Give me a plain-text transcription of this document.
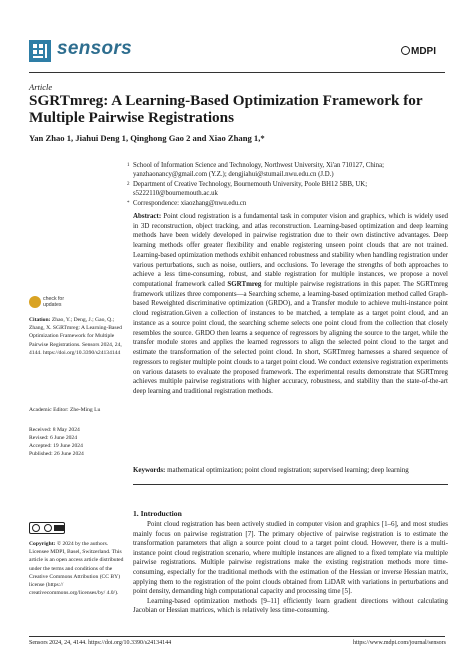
sensors	MDPI
Article
SGRTmreg: A Learning-Based Optimization Framework for Multiple Pairwise Registrations
Yan Zhao 1, Jiahui Deng 1, Qinghong Gao 2 and Xiao Zhang 1,*
1 School of Information Science and Technology, Northwest University, Xi'an 710127, China;
yanzhaonancy@gmail.com (Y.Z.); dengjiahui@stumail.nwu.edu.cn (J.D.)
2 Department of Creative Technology, Bournemouth University, Poole BH12 5BB, UK;
s5222110@bournemouth.ac.uk
* Correspondence: xiaozhang@nwu.edu.cn
Abstract: Point cloud registration is a fundamental task in computer vision and graphics, which is widely used in 3D reconstruction, object tracking, and atlas reconstruction. Learning-based optimization and deep learning methods have been widely developed in pairwise registration due to their own distinctive advantages. Deep learning methods offer greater flexibility and enable registering unseen point clouds that are not trained. Learning-based optimization methods exhibit enhanced robustness and stability when handling registration under various perturbations, such as noise, outliers, and occlusions. To leverage the strengths of both approaches to achieve a less time-consuming, robust, and stable registration for multiple instances, we propose a novel computational framework called SGRTmreg for multiple pairwise registrations in this paper. The SGRTmreg framework utilizes three components—a Searching scheme, a learning-based optimization method called Graph-based Reweighted discriminative optimization (GRDO), and a Transfer module to achieve multi-instance point cloud registration.Given a collection of instances to be matched, a template as a target point cloud, and an instance as a source point cloud, the searching scheme selects one point cloud from the collection that closely resembles the source. GRDO then learns a sequence of regressors by aligning the source to the target, while the transfer module stores and applies the learned regressors to align the selected point cloud to the target and estimate the transformation of the selected point cloud. In short, SGRTmreg harnesses a shared sequence of regressors to register multiple point clouds to a target point cloud. We conduct extensive registration experiments on various datasets to evaluate the proposed framework. The experimental results demonstrate that SGRTmreg achieves multiple pairwise registrations with higher accuracy, robustness, and stability than the state-of-the-art deep learning and traditional registration methods.
Keywords: mathematical optimization; point cloud registration; supervised learning; deep learning
check for
updates
Citation: Zhao, Y.; Deng, J.; Gao, Q.; Zhang, X. SGRTmreg: A Learning-Based Optimization Framework for Multiple Pairwise Registrations. Sensors 2024, 24, 4144. https://doi.org/10.3390/s24134144
Academic Editor: Zhe-Ming Lu
Received: 8 May 2024
Revised: 6 June 2024
Accepted: 19 June 2024
Published: 26 June 2024
Copyright: © 2024 by the authors. Licensee MDPI, Basel, Switzerland. This article is an open access article distributed under the terms and conditions of the Creative Commons Attribution (CC BY) license (https:// creativecommons.org/licenses/by/ 4.0/).
1. Introduction

Point cloud registration has been actively studied in computer vision and graphics [1–6], and most studies mainly focus on pairwise registration [7]. The primary objective of pairwise registration is to estimate the transformation parameters that align a source point cloud to a target point cloud. However, there is a multi-instance point cloud registration scenario, where multiple instances are aligned to a fixed template via multiple pairwise registrations. Multiple pairwise registrations make the existing registration methods more time-consuming, especially for the traditional methods with the estimation of the Hessian or inverse Hessian matrix, applying them to the registration of the point clouds obtained from LiDAR with variations in perturbations and point density, demanding high computational capacity and processing time [5].

Learning-based optimization methods [9–11] efficiently learn gradient directions without calculating Jacobian or Hessian matrices, which is relatively less time-consuming.

Sensors 2024, 24, 4144. https://doi.org/10.3390/s24134144	https://www.mdpi.com/journal/sensors
